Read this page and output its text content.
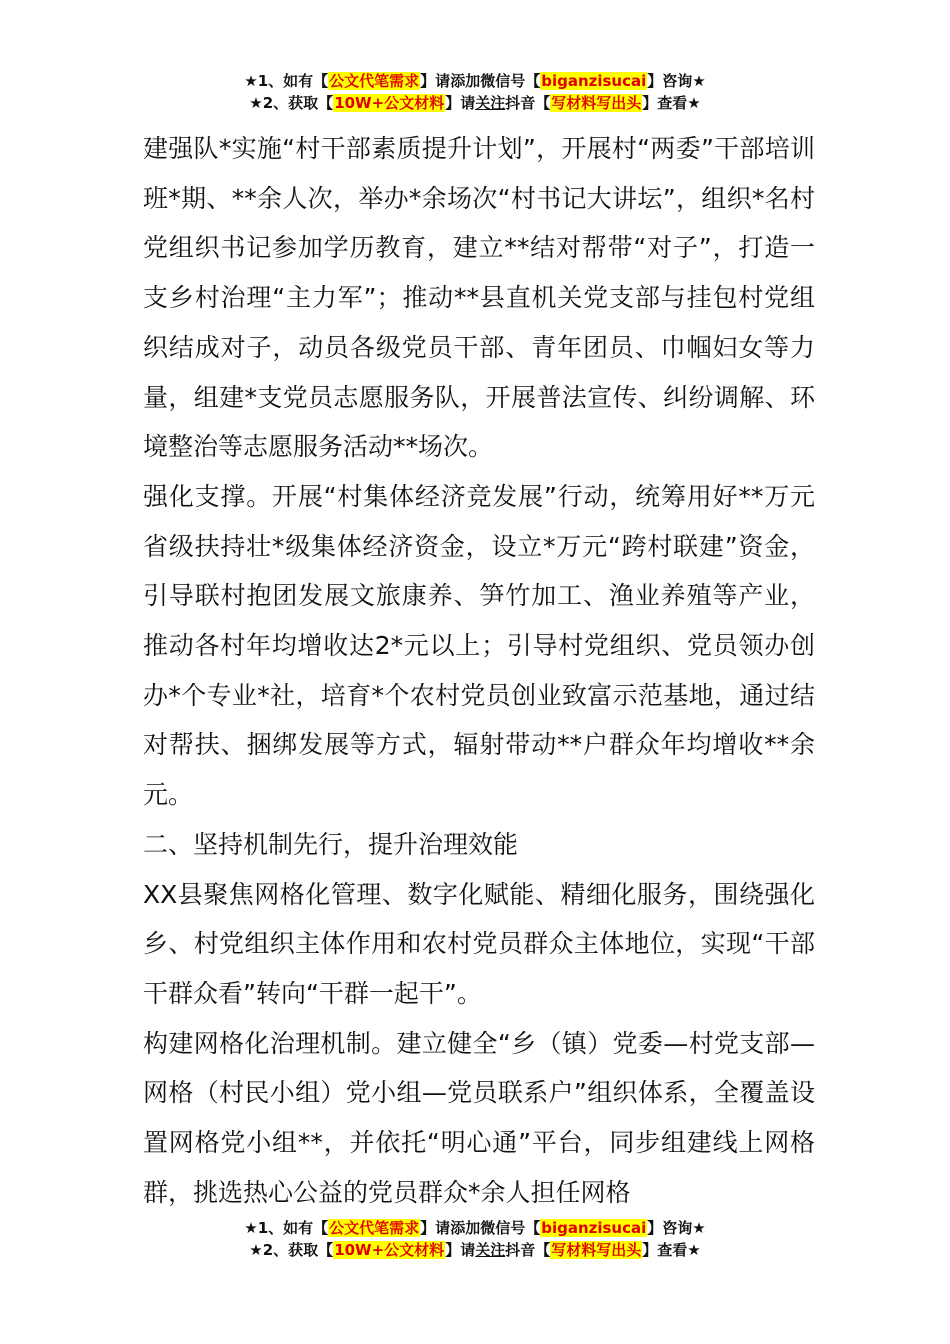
★1、如有【公文代笔需求】请添加微信号【biganzisucai】咨询★
★2、获取【10W+公文材料】请关注抖音【写材料写出头】查看★

建强队*实施“村干部素质提升计划”，开展村“两委”干部培训班*期、**余人次，举办*余场次“村书记大讲坛”，组织*名村党组织书记参加学历教育，建立**结对帮带“对子”，打造一支乡村治理“主力军”；推动**县直机关党支部与挂包村党组织结成对子，动员各级党员干部、青年团员、巾帼妇女等力量，组建*支党员志愿服务队，开展普法宣传、纠纷调解、环境整治等志愿服务活动**场次。

强化支撑。开展“村集体经济竞发展”行动，统筹用好**万元省级扶持壮*级集体经济资金，设立*万元“跨村联建”资金，引导联村抱团发展文旅康养、笋竹加工、渔业养殖等产业，推动各村年均增收达2*元以上；引导村党组织、党员领办创办*个专业*社，培育*个农村党员创业致富示范基地，通过结对帮扶、捆绑发展等方式，辐射带动**户群众年均增收**余元。

二、坚持机制先行，提升治理效能

XX县聚焦网格化管理、数字化赋能、精细化服务，围绕强化乡、村党组织主体作用和农村党员群众主体地位，实现“干部干群众看”转向“干群一起干”。

构建网格化治理机制。建立健全“乡（镇）党委—村党支部—网格（村民小组）党小组—党员联系户”组织体系，全覆盖设置网格党小组**，并依托“明心通”平台，同步组建线上网格群，挑选热心公益的党员群众*余人担任网格

★1、如有【公文代笔需求】请添加微信号【biganzisucai】咨询★
★2、获取【10W+公文材料】请关注抖音【写材料写出头】查看★
